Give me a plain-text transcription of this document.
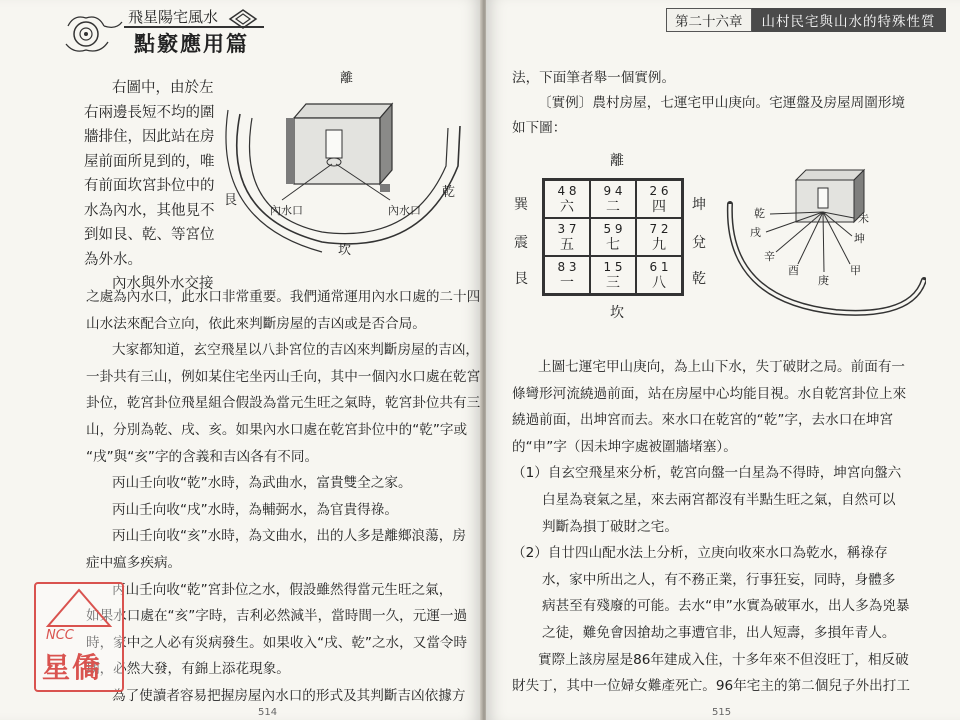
飛星陽宅風水
點竅應用篇
離
艮
乾
坎
內水口	內水口

右圖中，由於左

右兩邊長短不均的圍

牆排住，因此站在房

屋前面所見到的，唯

有前面坎宮卦位中的

水為內水，其他見不

到如艮、乾、等宮位

為外水。

內水與外水交接

之處為內水口，此水口非常重要。我們通常運用內水口處的二十四

山水法來配合立向，依此來判斷房屋的吉凶或是否合局。

大家都知道，玄空飛星以八卦宮位的吉凶來判斷房屋的吉凶，

一卦共有三山，例如某住宅坐丙山壬向，其中一個內水口處在乾宮

卦位，乾宮卦位飛星組合假設為當元生旺之氣時，乾宮卦位共有三

山，分別為乾、戌、亥。如果內水口處在乾宮卦位中的“乾”字或

“戌”與“亥”字的含義和吉凶各有不同。

丙山壬向收“乾”水時，為武曲水，富貴雙全之家。

丙山壬向收“戌”水時，為輔弼水，為官貴得祿。

丙山壬向收“亥”水時，為文曲水，出的人多是離鄉浪蕩，房

症中瘟多疾病。

丙山壬向收“乾”宮卦位之水，假設雖然得當元生旺之氣，

如果水口處在“亥”字時，吉利必然減半，當時間一久，元運一過

時，家中之人必有災病發生。如果收入“戌、乾”之水，又當令時

期，必然大發，有錦上添花現象。

為了使讀者容易把握房屋內水口的形式及其判斷吉凶依據方

514
第二十六章	山村民宅與山水的特殊性質

法，下面筆者舉一個實例。

〔實例〕農村房屋，七運宅甲山庚向。宅運盤及房屋周圍形境

如下圖：

離
巽
震
艮
坤
兌
乾
坎
4 8
六
9 4
二
2 6
四
3 7
五
5 9
七
7 2
九
8 3
一
1 5
三
6 1
八
乾
戌
辛
酉
庚
甲
坤
未

上圖七運宅甲山庚向，為上山下水，失丁破財之局。前面有一

條彎形河流繞過前面，站在房屋中心均能目視。水自乾宮卦位上來

繞過前面，出坤宮而去。來水口在乾宮的“乾”字，去水口在坤宮

的“申”字（因未坤字處被圍牆堵塞）。

（1）自玄空飛星來分析，乾宮向盤一白星為不得時，坤宮向盤六

白星為衰氣之星，來去兩宮都沒有半點生旺之氣，自然可以

判斷為損丁破財之宅。

（2）自廿四山配水法上分析，立庚向收來水口為乾水，稱祿存

水，家中所出之人，有不務正業，行事狂妄，同時，身體多

病甚至有殘廢的可能。去水“申”水實為破軍水，出人多為兇暴

之徒，難免會因搶劫之事遭官非，出人短壽，多損年青人。

實際上該房屋是86年建成入住，十多年來不但沒旺丁，相反破

財失丁，其中一位婦女難產死亡。96年宅主的第二個兒子外出打工

515
NCC
星僑
